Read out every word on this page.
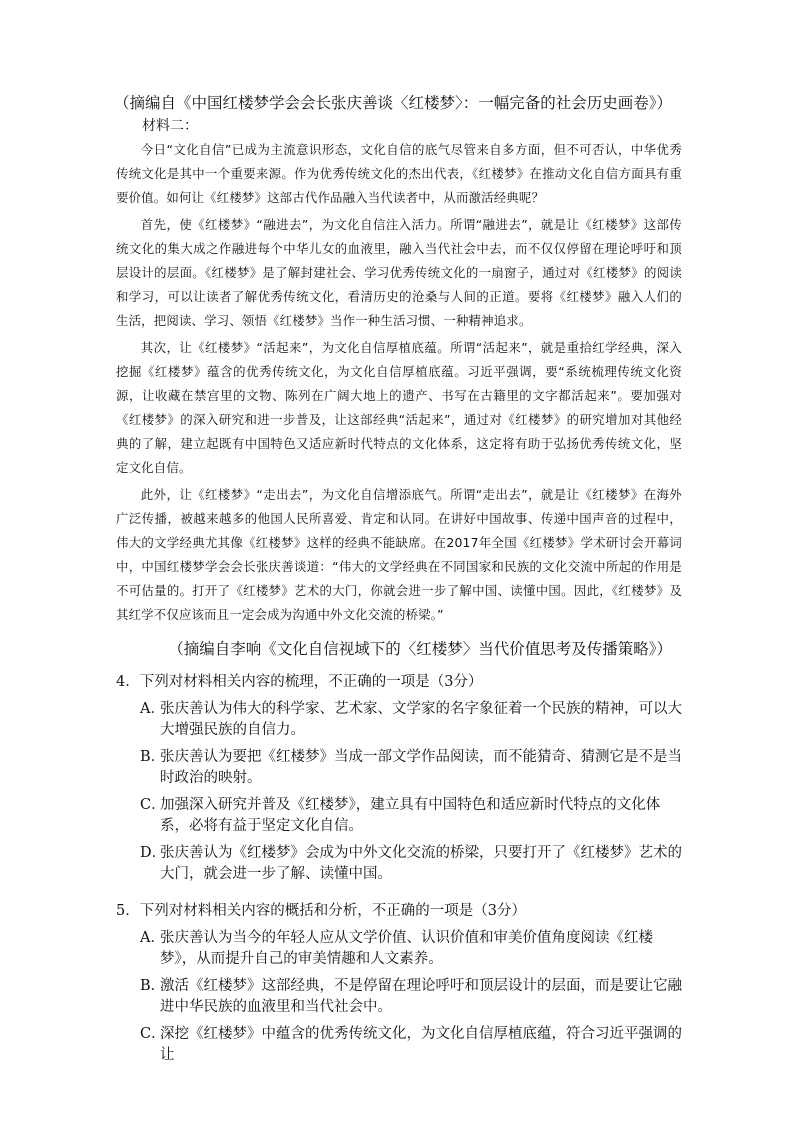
（摘编自《中国红楼梦学会会长张庆善谈〈红楼梦〉：一幅完备的社会历史画卷》）
材料二：

今日“文化自信”已成为主流意识形态，文化自信的底气尽管来自多方面，但不可否认，中华优秀传统文化是其中一个重要来源。作为优秀传统文化的杰出代表，《红楼梦》在推动文化自信方面具有重要价值。如何让《红楼梦》这部古代作品融入当代读者中，从而激活经典呢？

首先，使《红楼梦》“融进去”，为文化自信注入活力。所谓“融进去”，就是让《红楼梦》这部传统文化的集大成之作融进每个中华儿女的血液里，融入当代社会中去，而不仅仅停留在理论呼吁和顶层设计的层面。《红楼梦》是了解封建社会、学习优秀传统文化的一扇窗子，通过对《红楼梦》的阅读和学习，可以让读者了解优秀传统文化，看清历史的沧桑与人间的正道。要将《红楼梦》融入人们的生活，把阅读、学习、领悟《红楼梦》当作一种生活习惯、一种精神追求。

其次，让《红楼梦》“活起来”，为文化自信厚植底蕴。所谓“活起来”，就是重拾红学经典，深入挖掘《红楼梦》蕴含的优秀传统文化，为文化自信厚植底蕴。习近平强调，要“系统梳理传统文化资源，让收藏在禁宫里的文物、陈列在广阔大地上的遗产、书写在古籍里的文字都活起来”。要加强对《红楼梦》的深入研究和进一步普及，让这部经典“活起来”，通过对《红楼梦》的研究增加对其他经典的了解，建立起既有中国特色又适应新时代特点的文化体系，这定将有助于弘扬优秀传统文化，坚定文化自信。

此外，让《红楼梦》“走出去”，为文化自信增添底气。所谓“走出去”，就是让《红楼梦》在海外广泛传播，被越来越多的他国人民所喜爱、肯定和认同。在讲好中国故事、传递中国声音的过程中，伟大的文学经典尤其像《红楼梦》这样的经典不能缺席。在2017年全国《红楼梦》学术研讨会开幕词中，中国红楼梦学会会长张庆善谈道：“伟大的文学经典在不同国家和民族的文化交流中所起的作用是不可估量的。打开了《红楼梦》艺术的大门，你就会进一步了解中国、读懂中国。因此，《红楼梦》及其红学不仅应该而且一定会成为沟通中外文化交流的桥梁。”

（摘编自李响《文化自信视域下的〈红楼梦〉当代价值思考及传播策略》）
4．下列对材料相关内容的梳理，不正确的一项是（3分）
A．张庆善认为伟大的科学家、艺术家、文学家的名字象征着一个民族的精神，可以大大增强民族的自信力。
B．张庆善认为要把《红楼梦》当成一部文学作品阅读，而不能猜奇、猜测它是不是当时政治的映射。
C．加强深入研究并普及《红楼梦》，建立具有中国特色和适应新时代特点的文化体系，必将有益于坚定文化自信。
D．张庆善认为《红楼梦》会成为中外文化交流的桥梁，只要打开了《红楼梦》艺术的大门，就会进一步了解、读懂中国。
5．下列对材料相关内容的概括和分析，不正确的一项是（3分）
A．张庆善认为当今的年轻人应从文学价值、认识价值和审美价值角度阅读《红楼梦》，从而提升自己的审美情趣和人文素养。
B．激活《红楼梦》这部经典，不是停留在理论呼吁和顶层设计的层面，而是要让它融进中华民族的血液里和当代社会中。
C．深挖《红楼梦》中蕴含的优秀传统文化，为文化自信厚植底蕴，符合习近平强调的让
